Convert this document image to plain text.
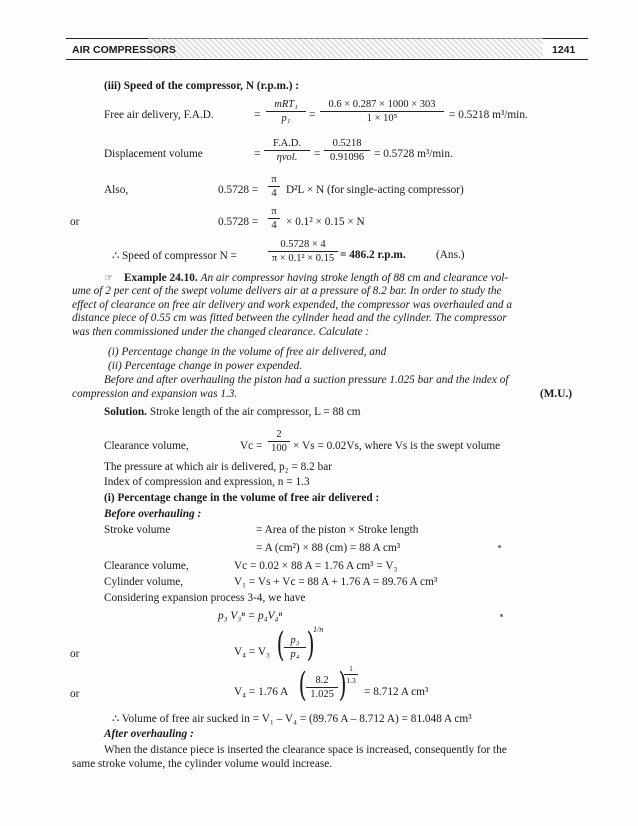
AIR COMPRESSORS	1241
(iii) Speed of the compressor, N (r.p.m.) :
Free air delivery, F.A.D.	=
mRT₁
p₁	= $\frac{0.6 \times 0.287 \times 1000 \times 303}{\text{1 × 10⁵}} = 0.5218$ m³/min.
Displacement volume	=
F.A.D.
ηvol.	= $\frac{0.5218}{0.91096} = 0.5728$ m³/min.
Also,	$0.5728 = \frac{\pi}{4} D^2L \times N$ (for single-acting compressor)
or	$0.5728 = \frac{\pi}{4} \times 0.1^2 \times 0.15 \times N$
∴ Speed of compressor N =	$\frac{0.5728 \times 4}{\text{π × 0.1² × 0.15}} = 486.2$ r.p.m.	(Ans.)
☞ Example 24.10. An air compressor having stroke length of 88 cm and clearance vol-
ume of 2 per cent of the swept volume delivers air at a pressure of 8.2 bar. In order to study the
effect of clearance on free air delivery and work expended, the compressor was overhauled and a
distance piece of 0.55 cm was fitted between the cylinder head and the cylinder. The compressor
was then commissioned under the changed clearance. Calculate :
(i) Percentage change in the volume of free air delivered, and
(ii) Percentage change in power expended.
Before and after overhauling the piston had a suction pressure 1.025 bar and the index of
compression and expansion was 1.3.	(M.U.)
Solution. Stroke length of the air compressor, L = 88 cm
Clearance volume,	$Vc = \frac{2}{100} \times Vs = 0.02Vs$, where Vs is the swept volume
The pressure at which air is delivered, p₂ = 8.2 bar
Index of compression and expression, n = 1.3
(i) Percentage change in the volume of free air delivered :
Before overhauling :
Stroke volume	= Area of the piston × Stroke length
= A (cm²) × 88 (cm) = 88 A cm³
Clearance volume,	Vc = 0.02 × 88 A = 1.76 A cm³ = V₃
Cylinder volume,	V₁ = Vs + Vc = 88 A + 1.76 A = 89.76 A cm³
Considering expansion process 3-4, we have
p₃ V₃ⁿ = p₄V₄ⁿ
or	V₄ = V₃ ( $\frac{\text{p₃}}{\text{p₄}}$ )
1/n
or	V₄ = 1.76 A ( $\frac{8.2}{1.025}$ )
$\frac{1}{1.3}$
= 8.712 A cm³
∴ Volume of free air sucked in = V₁ – V₄ = (89.76 A – 8.712 A) = 81.048 A cm³
After overhauling :
When the distance piece is inserted the clearance space is increased, consequently for the
same stroke volume, the cylinder volume would increase.
